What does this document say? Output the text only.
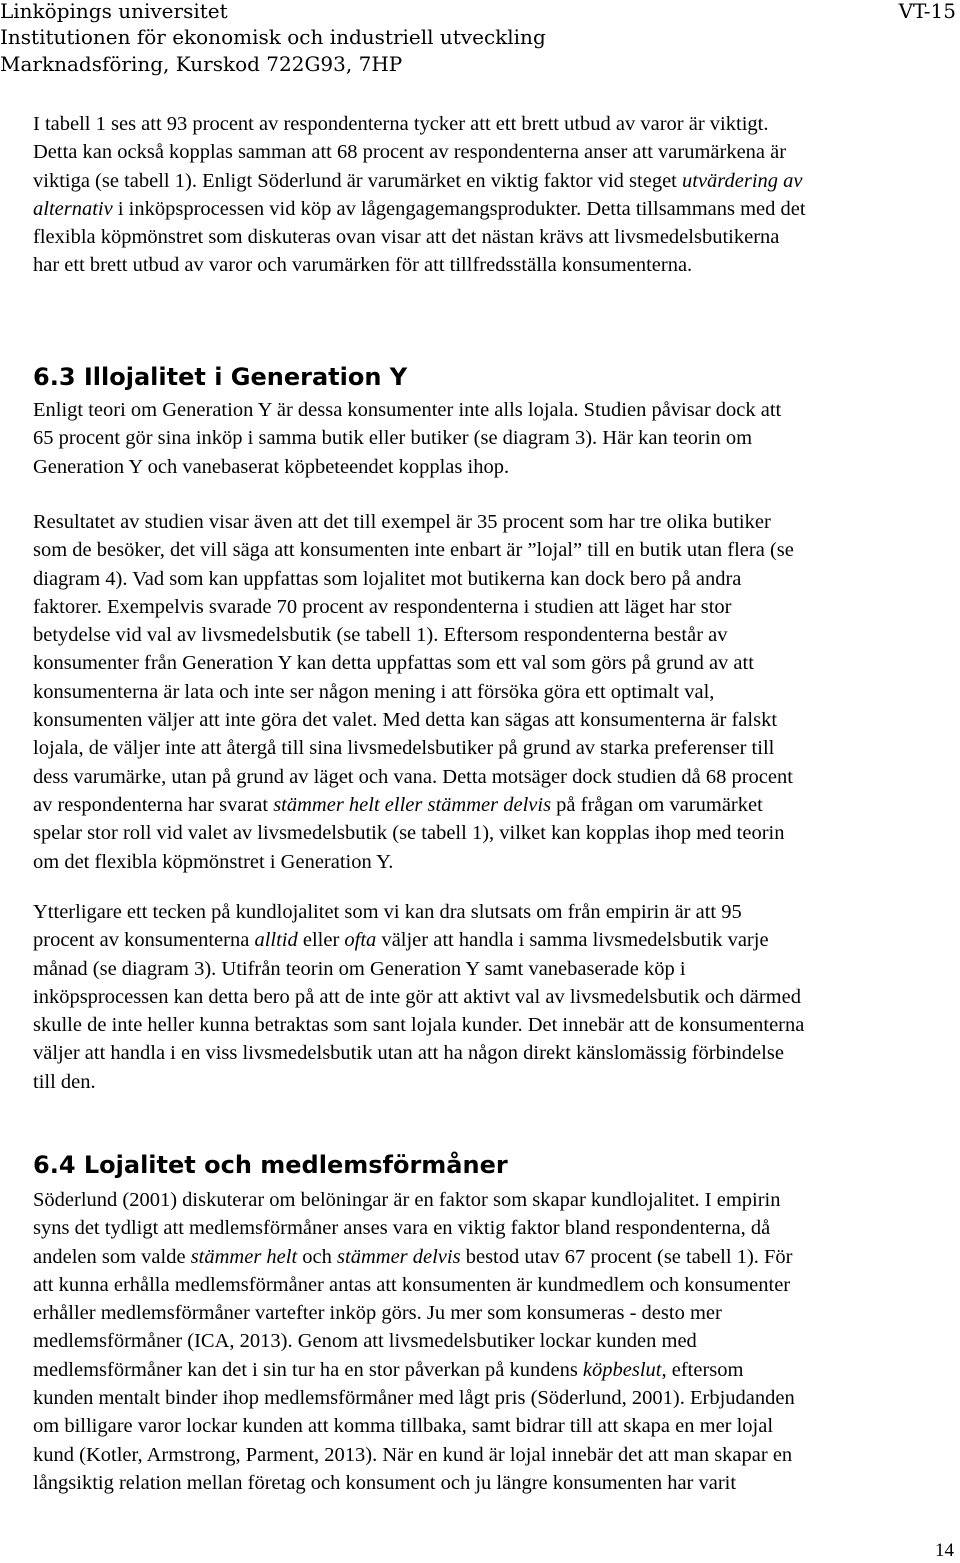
Linköpings universitet
Institutionen för ekonomisk och industriell utveckling
Marknadsföring, Kurskod 722G93, 7HP
VT-15
I tabell 1 ses att 93 procent av respondenterna tycker att ett brett utbud av varor är viktigt.
Detta kan också kopplas samman att 68 procent av respondenterna anser att varumärkena är
viktiga (se tabell 1). Enligt Söderlund är varumärket en viktig faktor vid steget utvärdering av
alternativ i inköpsprocessen vid köp av lågengagemangsprodukter. Detta tillsammans med det
flexibla köpmönstret som diskuteras ovan visar att det nästan krävs att livsmedelsbutikerna
har ett brett utbud av varor och varumärken för att tillfredsställa konsumenterna.
6.3 Illojalitet i Generation Y
Enligt teori om Generation Y är dessa konsumenter inte alls lojala. Studien påvisar dock att
65 procent gör sina inköp i samma butik eller butiker (se diagram 3). Här kan teorin om
Generation Y och vanebaserat köpbeteendet kopplas ihop.
Resultatet av studien visar även att det till exempel är 35 procent som har tre olika butiker
som de besöker, det vill säga att konsumenten inte enbart är ”lojal” till en butik utan flera (se
diagram 4). Vad som kan uppfattas som lojalitet mot butikerna kan dock bero på andra
faktorer. Exempelvis svarade 70 procent av respondenterna i studien att läget har stor
betydelse vid val av livsmedelsbutik (se tabell 1). Eftersom respondenterna består av
konsumenter från Generation Y kan detta uppfattas som ett val som görs på grund av att
konsumenterna är lata och inte ser någon mening i att försöka göra ett optimalt val,
konsumenten väljer att inte göra det valet. Med detta kan sägas att konsumenterna är falskt
lojala, de väljer inte att återgå till sina livsmedelsbutiker på grund av starka preferenser till
dess varumärke, utan på grund av läget och vana. Detta motsäger dock studien då 68 procent
av respondenterna har svarat stämmer helt eller stämmer delvis på frågan om varumärket
spelar stor roll vid valet av livsmedelsbutik (se tabell 1), vilket kan kopplas ihop med teorin
om det flexibla köpmönstret i Generation Y.
Ytterligare ett tecken på kundlojalitet som vi kan dra slutsats om från empirin är att 95
procent av konsumenterna alltid eller ofta väljer att handla i samma livsmedelsbutik varje
månad (se diagram 3). Utifrån teorin om Generation Y samt vanebaserade köp i
inköpsprocessen kan detta bero på att de inte gör att aktivt val av livsmedelsbutik och därmed
skulle de inte heller kunna betraktas som sant lojala kunder. Det innebär att de konsumenterna
väljer att handla i en viss livsmedelsbutik utan att ha någon direkt känslomässig förbindelse
till den.
6.4 Lojalitet och medlemsförmåner
Söderlund (2001) diskuterar om belöningar är en faktor som skapar kundlojalitet. I empirin
syns det tydligt att medlemsförmåner anses vara en viktig faktor bland respondenterna, då
andelen som valde stämmer helt och stämmer delvis bestod utav 67 procent (se tabell 1). För
att kunna erhålla medlemsförmåner antas att konsumenten är kundmedlem och konsumenter
erhåller medlemsförmåner vartefter inköp görs. Ju mer som konsumeras - desto mer
medlemsförmåner (ICA, 2013). Genom att livsmedelsbutiker lockar kunden med
medlemsförmåner kan det i sin tur ha en stor påverkan på kundens köpbeslut, eftersom
kunden mentalt binder ihop medlemsförmåner med lågt pris (Söderlund, 2001). Erbjudanden
om billigare varor lockar kunden att komma tillbaka, samt bidrar till att skapa en mer lojal
kund (Kotler, Armstrong, Parment, 2013). När en kund är lojal innebär det att man skapar en
långsiktig relation mellan företag och konsument och ju längre konsumenten har varit
14
